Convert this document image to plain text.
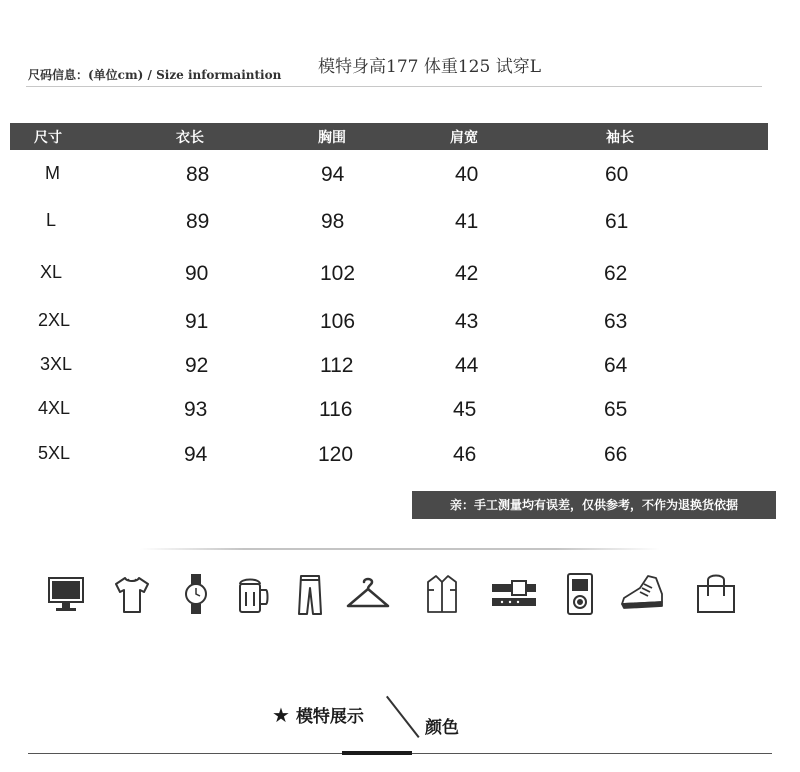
尺码信息：(单位cm) / Size informaintion 模特身高177 体重125 试穿L
尺寸	衣长	胸围	肩宽	袖长
M	88	94	40	60
L	89	98	41	61
XL	90	102	42	62
2XL	91	106	43	63
3XL	92	112	44	64
4XL	93	116	45	65
5XL	94	120	46	66
亲：手工测量均有误差，仅供参考，不作为退换货依据
★ 模特展示
颜色
